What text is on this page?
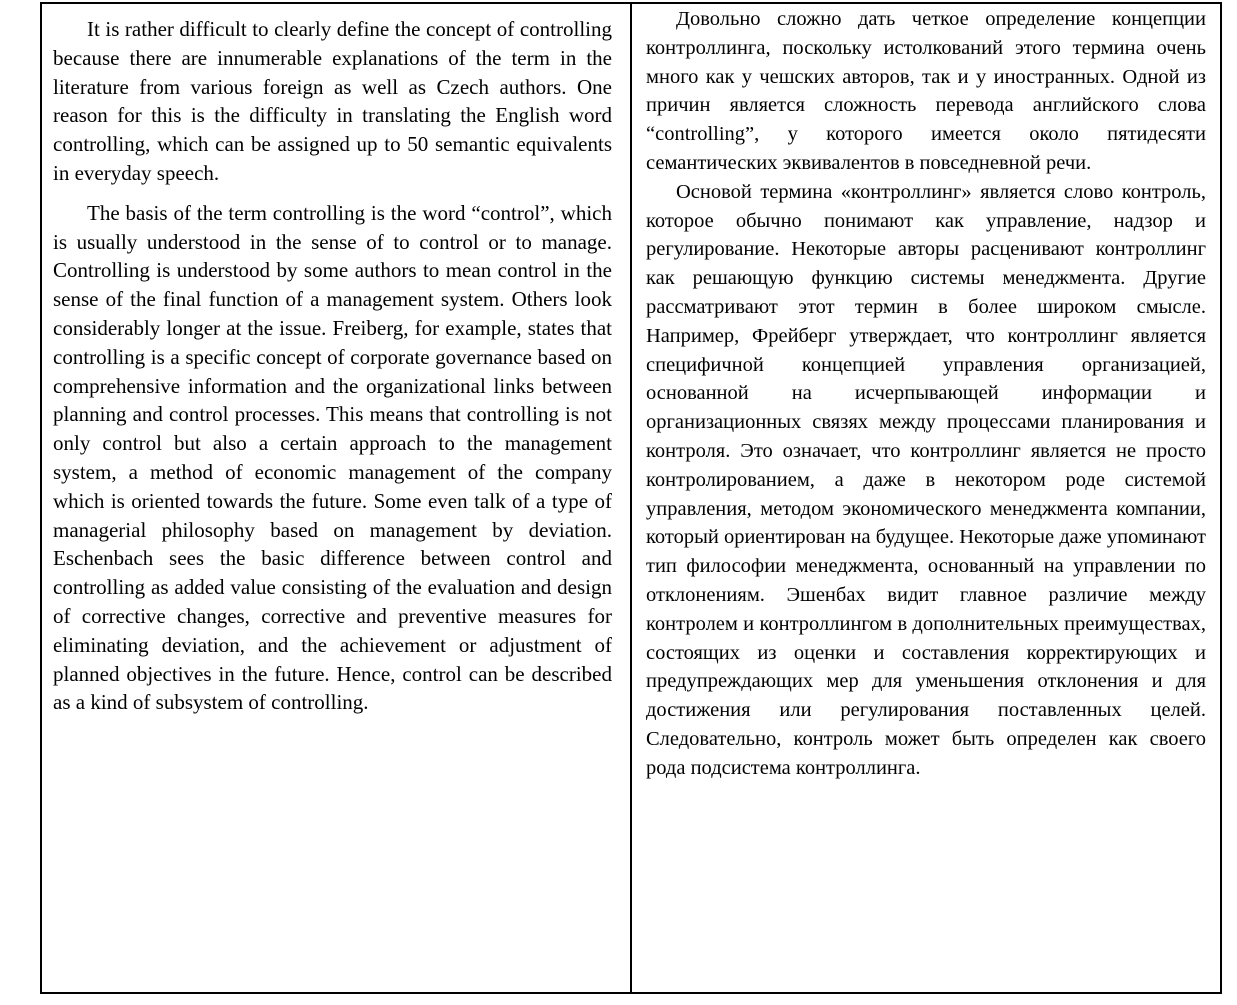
It is rather difficult to clearly define the concept of controlling because there are innumerable explanations of the term in the literature from various foreign as well as Czech authors. One reason for this is the difficulty in translating the English word controlling, which can be assigned up to 50 semantic equivalents in everyday speech.

The basis of the term controlling is the word “control”, which is usually understood in the sense of to control or to manage. Controlling is understood by some authors to mean control in the sense of the final function of a management system. Others look considerably longer at the issue. Freiberg, for example, states that controlling is a specific concept of corporate governance based on comprehensive information and the organizational links between planning and control processes. This means that controlling is not only control but also a certain approach to the management system, a method of economic management of the company which is oriented towards the future. Some even talk of a type of managerial philosophy based on management by deviation. Eschenbach sees the basic difference between control and controlling as added value consisting of the evaluation and design of corrective changes, corrective and preventive measures for eliminating deviation, and the achievement or adjustment of planned objectives in the future. Hence, control can be described as a kind of subsystem of controlling.

Довольно сложно дать четкое определение концепции контроллинга, поскольку истолкований этого термина очень много как у чешских авторов, так и у иностранных. Одной из причин является сложность перевода английского слова “controlling”, у которого имеется около пятидесяти семантических эквивалентов в повседневной речи.

Основой термина «контроллинг» является слово контроль, которое обычно понимают как управление, надзор и регулирование. Некоторые авторы расценивают контроллинг как решающую функцию системы менеджмента. Другие рассматривают этот термин в более широком смысле. Например, Фрейберг утверждает, что контроллинг является специфичной концепцией управления организацией, основанной на исчерпывающей информации и организационных связях между процессами планирования и контроля. Это означает, что контроллинг является не просто контролированием, а даже в некотором роде системой управления, методом экономического менеджмента компании, который ориентирован на будущее. Некоторые даже упоминают тип философии менеджмента, основанный на управлении по отклонениям. Эшенбах видит главное различие между контролем и контроллингом в дополнительных преимуществах, состоящих из оценки и составления корректирующих и предупреждающих мер для уменьшения отклонения и для достижения или регулирования поставленных целей. Следовательно, контроль может быть определен как своего рода подсистема контроллинга.
